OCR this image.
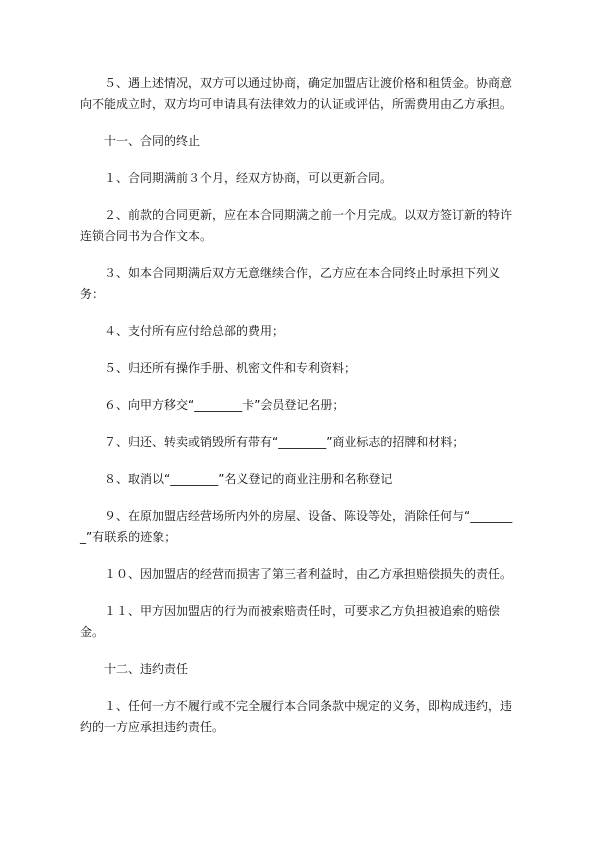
５、遇上述情况，双方可以通过协商，确定加盟店让渡价格和租赁金。协商意向不能成立时，双方均可申请具有法律效力的认证或评估，所需费用由乙方承担。

十一、合同的终止

１、合同期满前３个月，经双方协商，可以更新合同。

２、前款的合同更新，应在本合同期满之前一个月完成。以双方签订新的特许连锁合同书为合作文本。

３、如本合同期满后双方无意继续合作，乙方应在本合同终止时承担下列义务：

４、支付所有应付给总部的费用；

５、归还所有操作手册、机密文件和专利资料；

６、向甲方移交“________卡”会员登记名册；

７、归还、转卖或销毁所有带有“________”商业标志的招牌和材料；

８、取消以“________”名义登记的商业注册和名称登记

９、在原加盟店经营场所内外的房屋、设备、陈设等处，消除任何与“________”有联系的迹象；

１０、因加盟店的经营而损害了第三者利益时，由乙方承担赔偿损失的责任。

１１、甲方因加盟店的行为而被索赔责任时，可要求乙方负担被追索的赔偿金。

十二、违约责任

１、任何一方不履行或不完全履行本合同条款中规定的义务，即构成违约，违约的一方应承担违约责任。
